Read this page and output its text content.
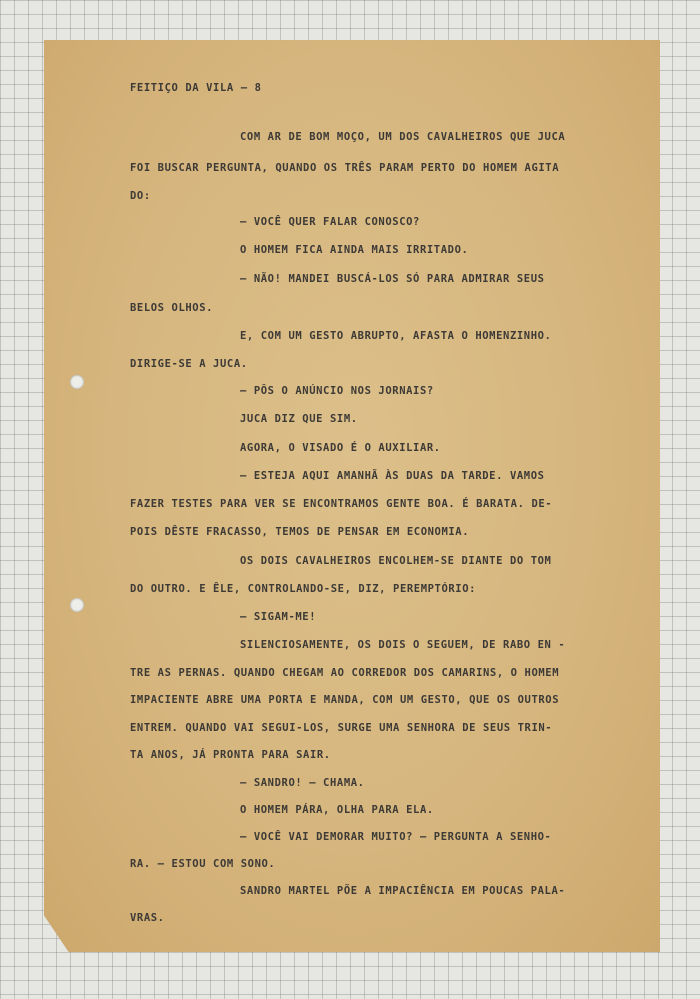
FEITIÇO DA VILA — 8

COM AR DE BOM MOÇO, UM DOS CAVALHEIROS QUE JUCA

FOI BUSCAR PERGUNTA, QUANDO OS TRÊS PARAM PERTO DO HOMEM AGITA

DO:

— VOCÊ QUER FALAR CONOSCO?

O HOMEM FICA AINDA MAIS IRRITADO.

— NÃO! MANDEI BUSCÁ-LOS SÓ PARA ADMIRAR SEUS

BELOS OLHOS.

E, COM UM GESTO ABRUPTO, AFASTA O HOMENZINHO.

DIRIGE-SE A JUCA.

— PÔS O ANÚNCIO NOS JORNAIS?

JUCA DIZ QUE SIM.

AGORA, O VISADO É O AUXILIAR.

— ESTEJA AQUI AMANHÃ ÀS DUAS DA TARDE. VAMOS

FAZER TESTES PARA VER SE ENCONTRAMOS GENTE BOA. É BARATA. DE-

POIS DÊSTE FRACASSO, TEMOS DE PENSAR EM ECONOMIA.

OS DOIS CAVALHEIROS ENCOLHEM-SE DIANTE DO TOM

DO OUTRO. E ÊLE, CONTROLANDO-SE, DIZ, PEREMPTÓRIO:

— SIGAM-ME!

SILENCIOSAMENTE, OS DOIS O SEGUEM, DE RABO EN -

TRE AS PERNAS. QUANDO CHEGAM AO CORREDOR DOS CAMARINS, O HOMEM

IMPACIENTE ABRE UMA PORTA E MANDA, COM UM GESTO, QUE OS OUTROS

ENTREM. QUANDO VAI SEGUI-LOS, SURGE UMA SENHORA DE SEUS TRIN-

TA ANOS, JÁ PRONTA PARA SAIR.

— SANDRO! — CHAMA.

O HOMEM PÁRA, OLHA PARA ELA.

— VOCÊ VAI DEMORAR MUITO? — PERGUNTA A SENHO-

RA. — ESTOU COM SONO.

SANDRO MARTEL PÕE A IMPACIÊNCIA EM POUCAS PALA-

VRAS.
